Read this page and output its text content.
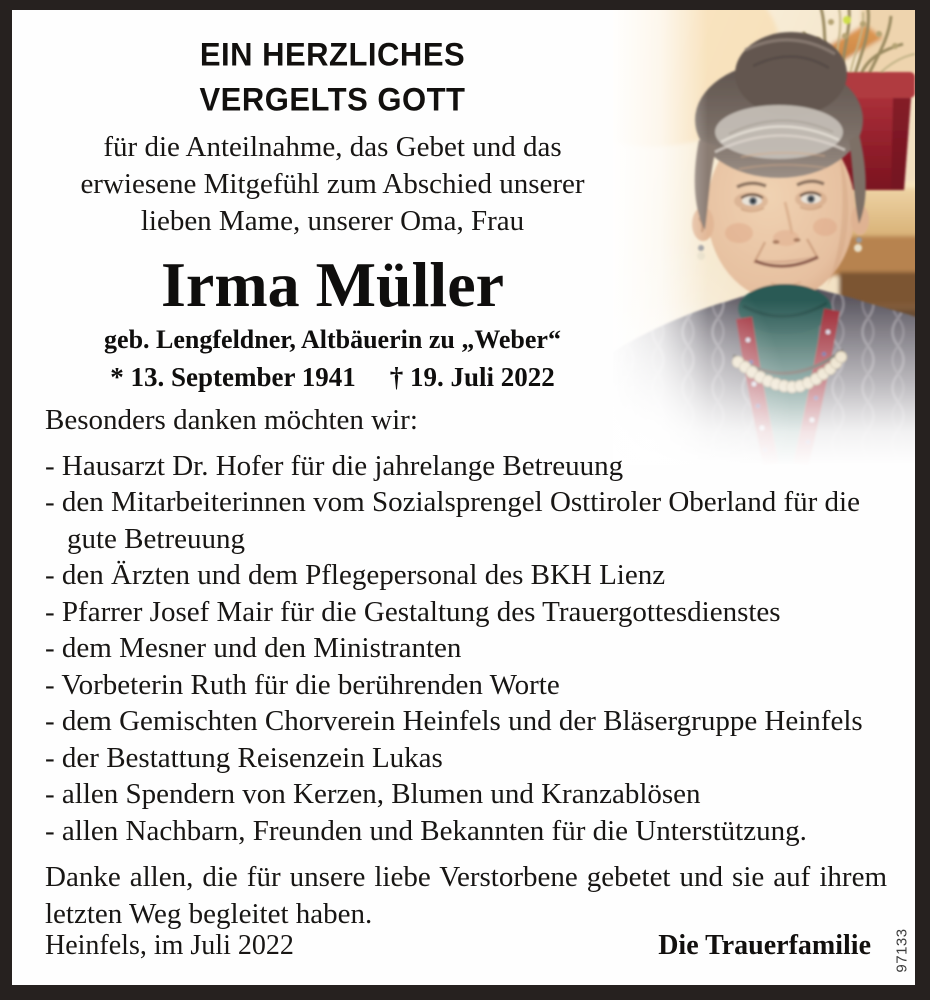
EIN HERZLICHES
VERGELTS GOTT
für die Anteilnahme, das Gebet und das
erwiesene Mitgefühl zum Abschied unserer
lieben Mame, unserer Oma, Frau
Irma Müller
geb. Lengfeldner, Altbäuerin zu „Weber“
* 13. September 1941 † 19. Juli 2022

Besonders danken möchten wir:

- Hausarzt Dr. Hofer für die jahrelange Betreuung
- den Mitarbeiterinnen vom Sozialsprengel Osttiroler Oberland für die gute Betreuung
- den Ärzten und dem Pflegepersonal des BKH Lienz
- Pfarrer Josef Mair für die Gestaltung des Trauergottesdienstes
- dem Mesner und den Ministranten
- Vorbeterin Ruth für die berührenden Worte
- dem Gemischten Chorverein Heinfels und der Bläsergruppe Heinfels
- der Bestattung Reisenzein Lukas
- allen Spendern von Kerzen, Blumen und Kranzablösen
- allen Nachbarn, Freunden und Bekannten für die Unterstützung.

Danke allen, die für unsere liebe Verstorbene gebetet und sie auf ihrem letzten Weg begleitet haben.

Heinfels, im Juli 2022	Die Trauerfamilie 97133
